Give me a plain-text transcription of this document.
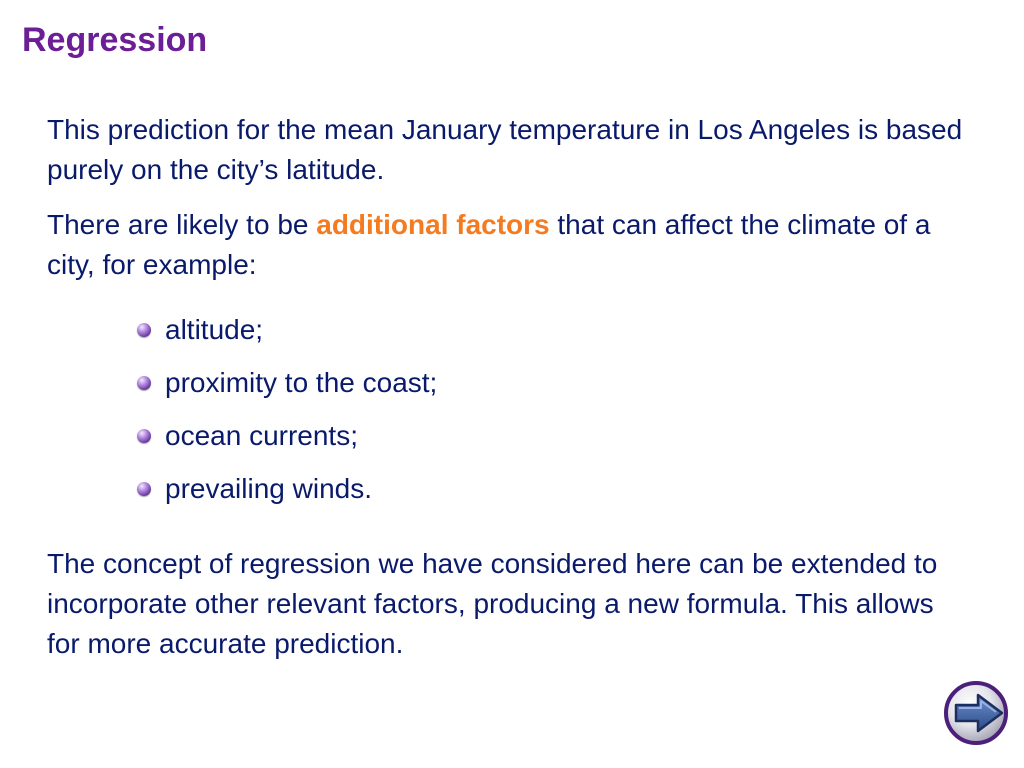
Regression

This prediction for the mean January temperature in Los Angeles is based purely on the city’s latitude.

There are likely to be additional factors that can affect the climate of a city, for example:

altitude;
proximity to the coast;
ocean currents;
prevailing winds.

The concept of regression we have considered here can be extended to incorporate other relevant factors, producing a new formula. This allows for more accurate prediction.
